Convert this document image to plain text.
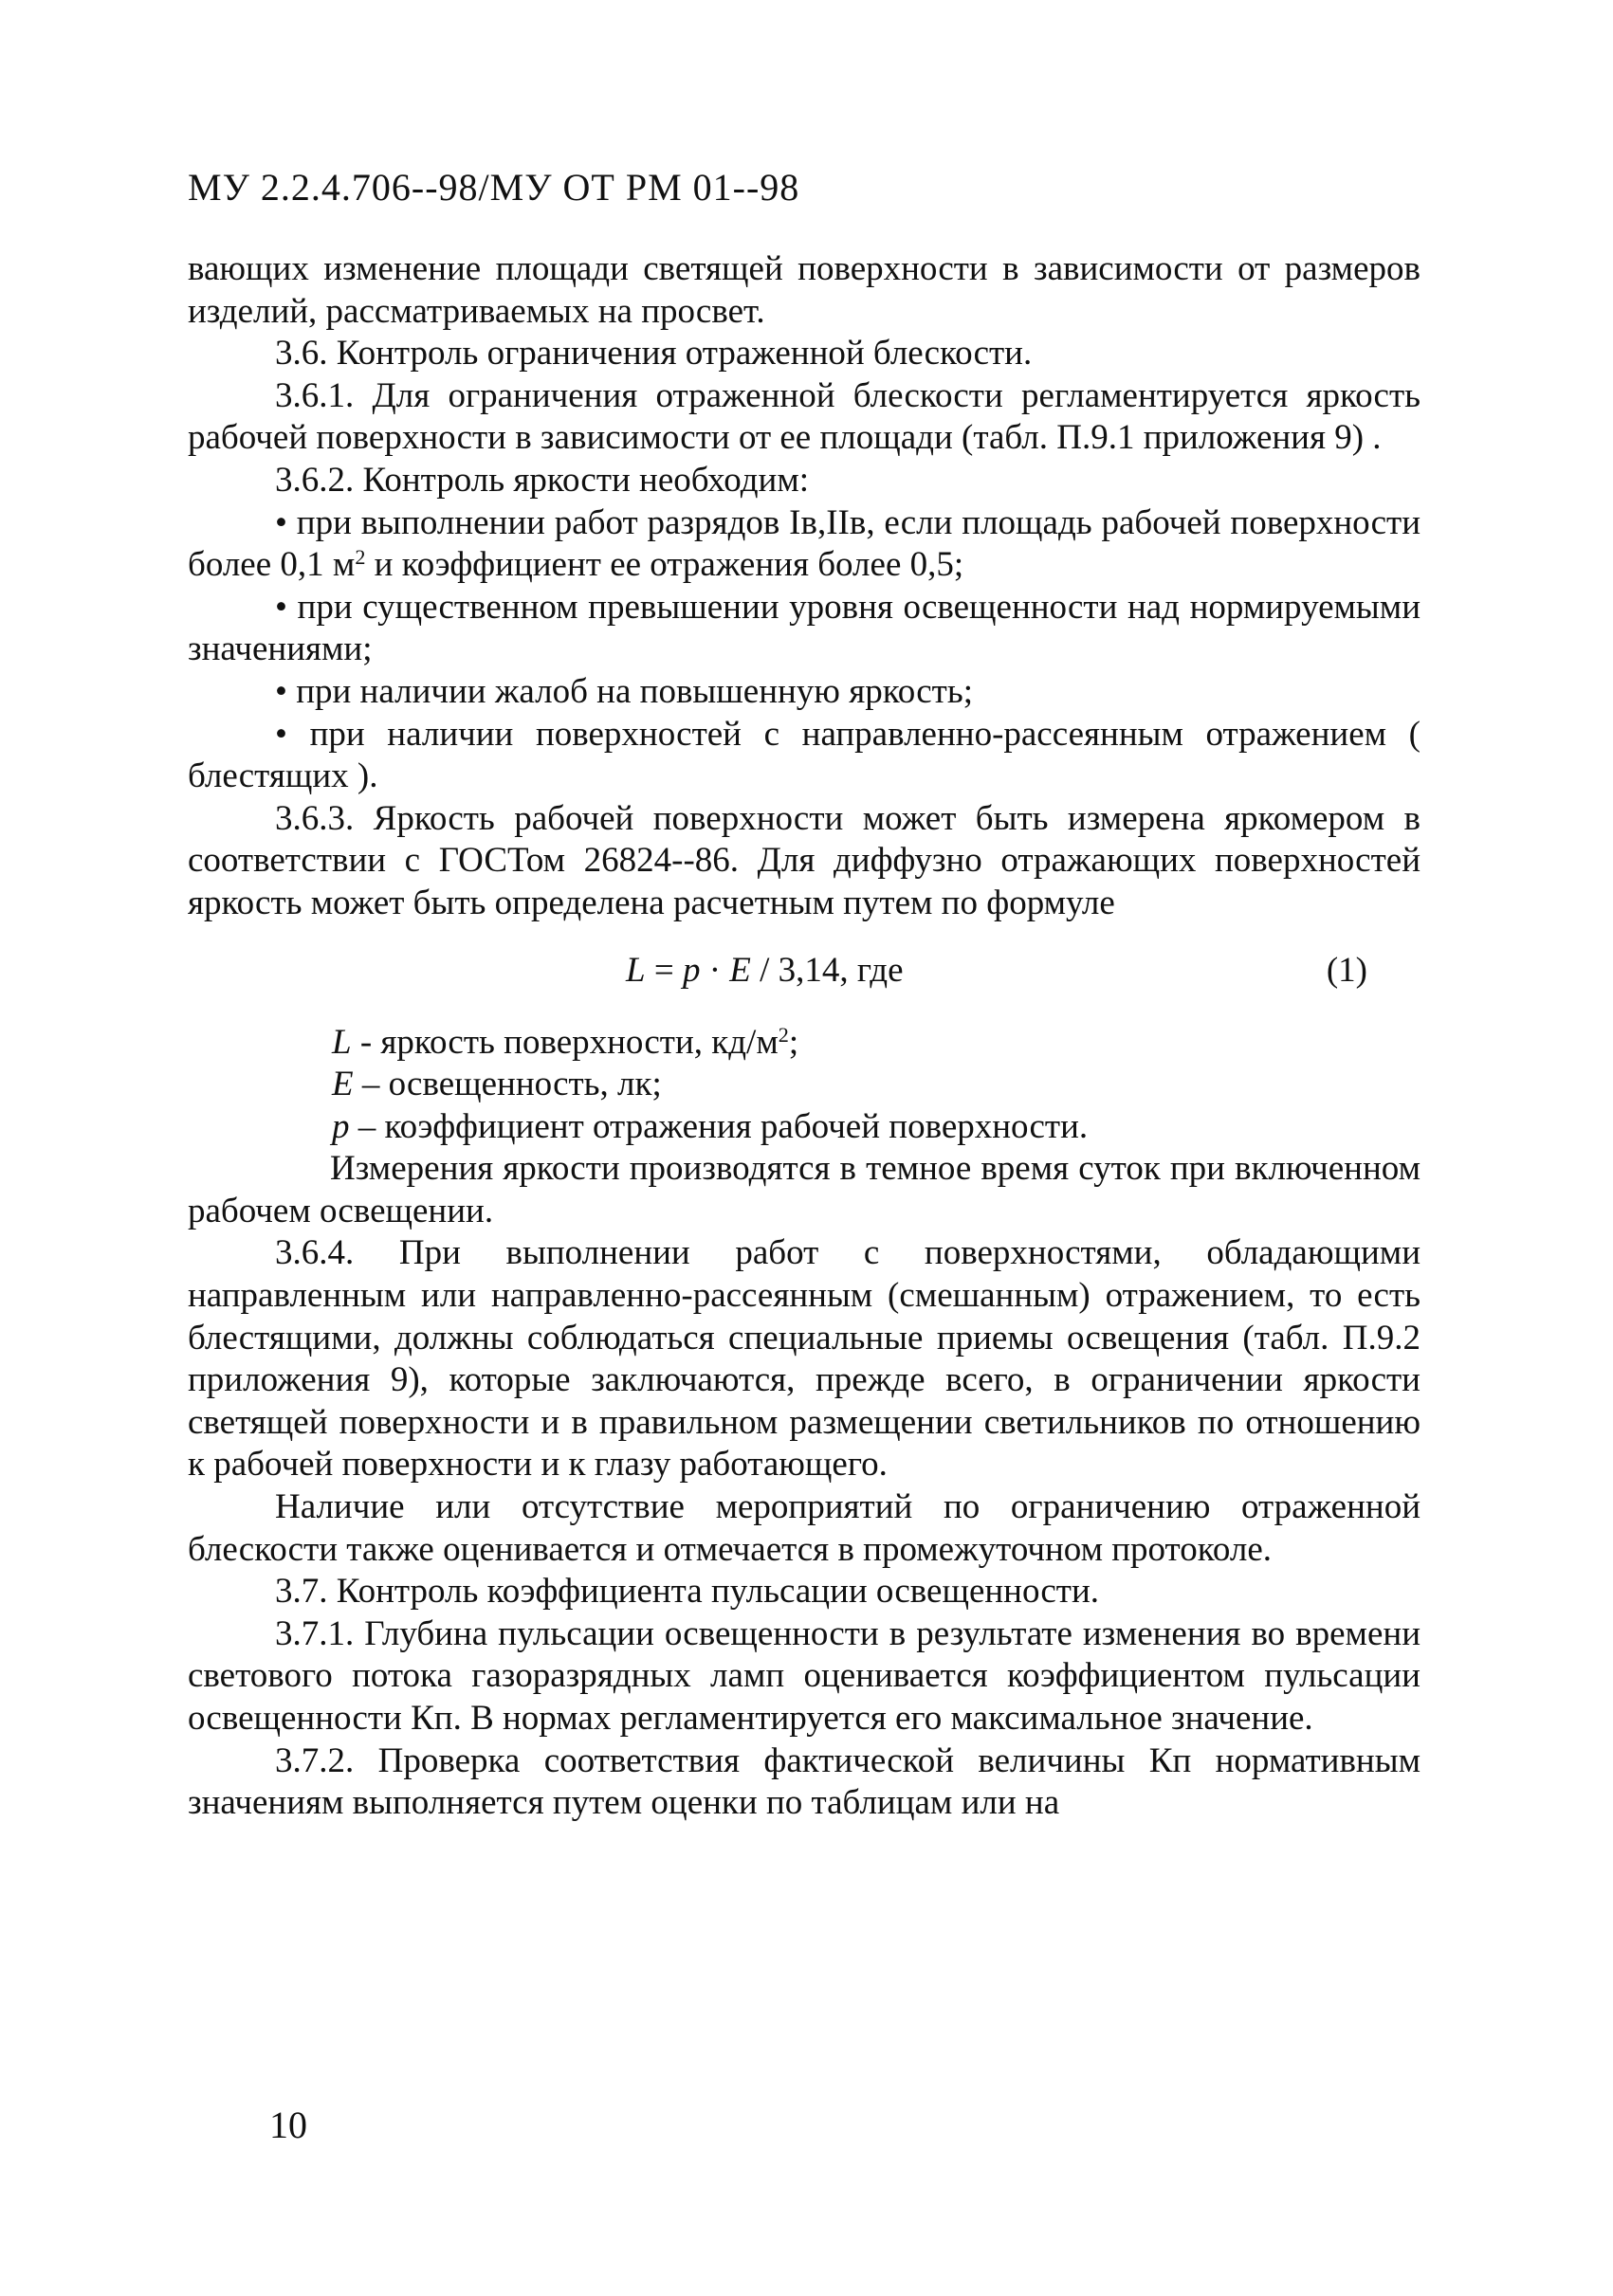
МУ 2.2.4.706--98/МУ ОТ РМ 01--98

вающих изменение площади светящей поверхности в зависимости от размеров изделий, рассматриваемых на просвет.

3.6. Контроль ограничения отраженной блескости.

3.6.1. Для ограничения отраженной блескости регламентируется яркость рабочей поверхности в зависимости от ее площади (табл. П.9.1 приложения 9) .

3.6.2. Контроль яркости необходим:

• при выполнении работ разрядов Iв,IIв, если площадь рабочей поверхности более 0,1 $м^2$ и коэффициент ее отражения более 0,5;

• при существенном превышении уровня освещенности над нормируемыми значениями;

• при наличии жалоб на повышенную яркость;

• при наличии поверхностей с направленно-рассеянным отражением ( блестящих ).

3.6.3. Яркость рабочей поверхности может быть измерена яркомером в соответствии с ГОСТом 26824--86. Для диффузно отражающих поверхностей яркость может быть определена расчетным путем по формуле

L = p · E / 3,14, где	(1)

L - яркость поверхности, $кд/м^2$;

E – освещенность, лк;

p – коэффициент отражения рабочей поверхности.

Измерения яркости производятся в темное время суток при включенном рабочем освещении.

3.6.4. При выполнении работ с поверхностями, обладающими направленным или направленно-рассеянным (смешанным) отражением, то есть блестящими, должны соблюдаться специальные приемы освещения (табл. П.9.2 приложения 9), которые заключаются, прежде всего, в ограничении яркости светящей поверхности и в правильном размещении светильников по отношению к рабочей поверхности и к глазу работающего.

Наличие или отсутствие мероприятий по ограничению отраженной блескости также оценивается и отмечается в промежуточном протоколе.

3.7. Контроль коэффициента пульсации освещенности.

3.7.1. Глубина пульсации освещенности в результате изменения во времени светового потока газоразрядных ламп оценивается коэффициентом пульсации освещенности Кп. В нормах регламентируется его максимальное значение.

3.7.2. Проверка соответствия фактической величины Кп нормативным значениям выполняется путем оценки по таблицам или на

10
